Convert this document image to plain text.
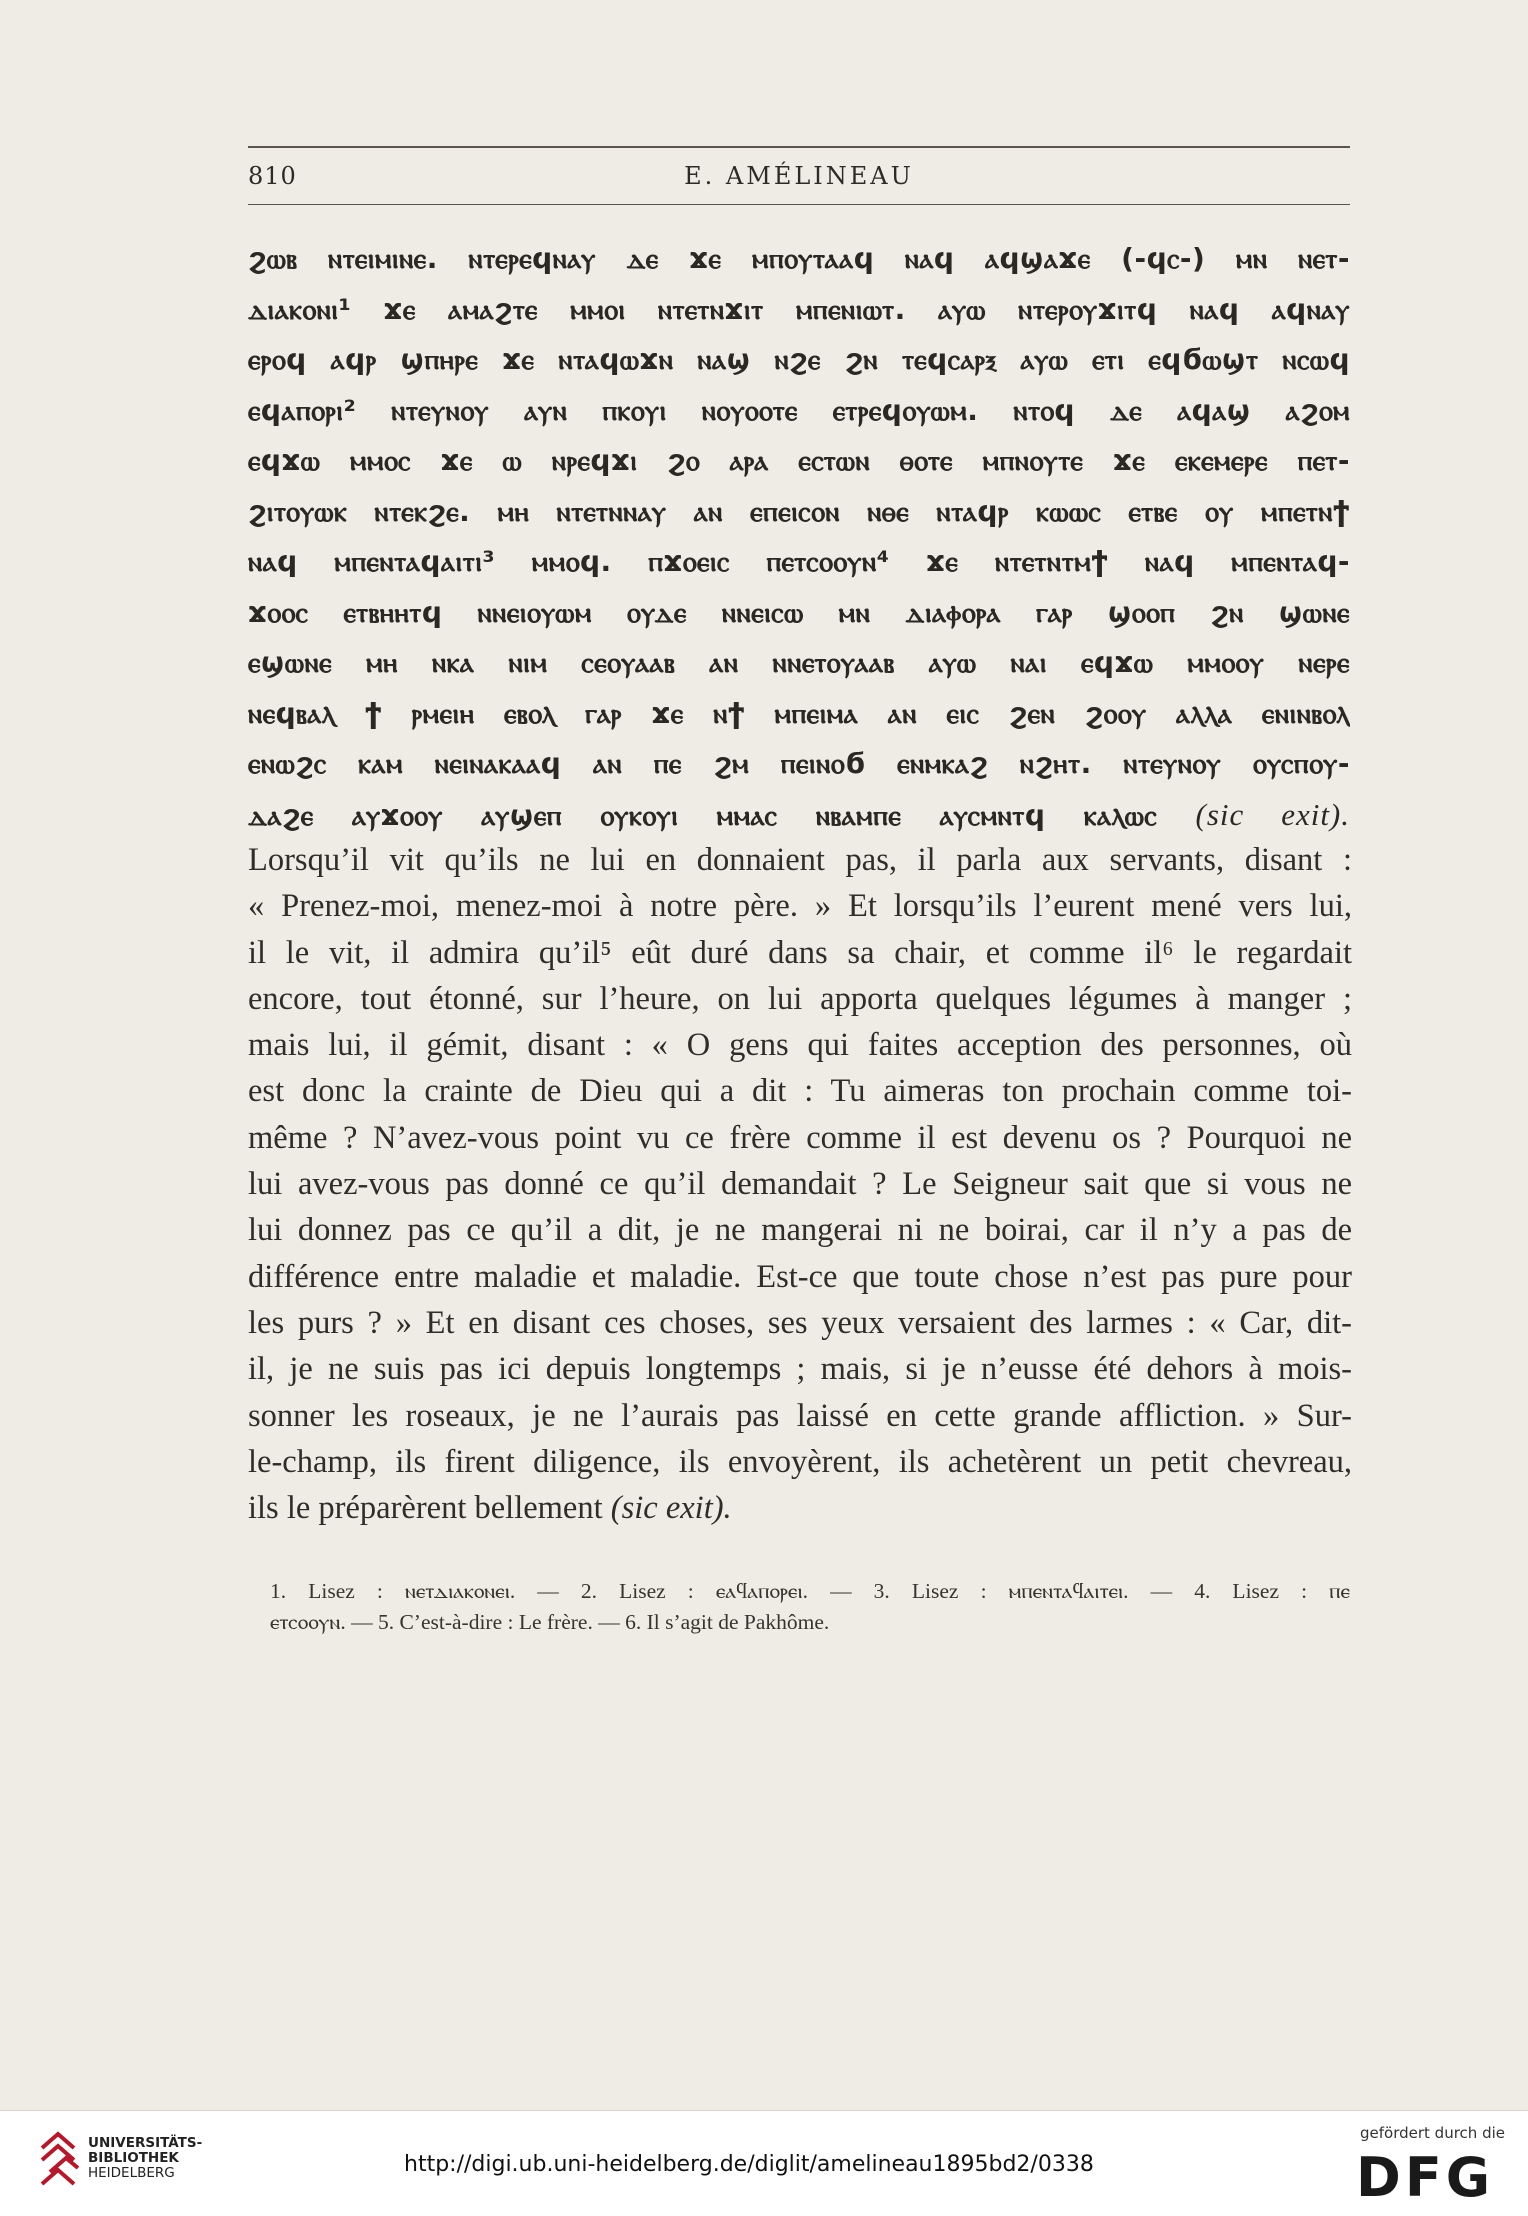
810	E. AMÉLINEAU
ϩⲱⲃ ⲛⲧⲉⲓⲙⲓⲛⲉ. ⲛⲧⲉⲣⲉϥⲛⲁⲩ ⲇⲉ ϫⲉ ⲙⲡⲟⲩⲧⲁⲁϥ ⲛⲁϥ ⲁϥϣⲁϫⲉ (-ϥⲥ-) ⲙⲛ ⲛⲉⲧ-
ⲇⲓⲁⲕⲟⲛⲓ¹ ϫⲉ ⲁⲙⲁϩⲧⲉ ⲙⲙⲟⲓ ⲛⲧⲉⲧⲛϫⲓⲧ ⲙⲡⲉⲛⲓⲱⲧ. ⲁⲩⲱ ⲛⲧⲉⲣⲟⲩϫⲓⲧϥ ⲛⲁϥ ⲁϥⲛⲁⲩ
ⲉⲣⲟϥ ⲁϥⲣ ϣⲡⲏⲣⲉ ϫⲉ ⲛⲧⲁϥⲱϫⲛ ⲛⲁϣ ⲛϩⲉ ϩⲛ ⲧⲉϥⲥⲁⲣⲝ ⲁⲩⲱ ⲉⲧⲓ ⲉϥϭⲱϣⲧ ⲛⲥⲱϥ
ⲉϥⲁⲡⲟⲣⲓ² ⲛⲧⲉⲩⲛⲟⲩ ⲁⲩⲛ ⲡⲕⲟⲩⲓ ⲛⲟⲩⲟⲟⲧⲉ ⲉⲧⲣⲉϥⲟⲩⲱⲙ. ⲛⲧⲟϥ ⲇⲉ ⲁϥⲁϣ ⲁϩⲟⲙ
ⲉϥϫⲱ ⲙⲙⲟⲥ ϫⲉ ⲱ ⲛⲣⲉϥϫⲓ ϩⲟ ⲁⲣⲁ ⲉⲥⲧⲱⲛ ⲑⲟⲧⲉ ⲙⲡⲛⲟⲩⲧⲉ ϫⲉ ⲉⲕⲉⲙⲉⲣⲉ ⲡⲉⲧ-
ϩⲓⲧⲟⲩⲱⲕ ⲛⲧⲉⲕϩⲉ. ⲙⲏ ⲛⲧⲉⲧⲛⲛⲁⲩ ⲁⲛ ⲉⲡⲉⲓⲥⲟⲛ ⲛⲑⲉ ⲛⲧⲁϥⲣ ⲕⲱⲱⲥ ⲉⲧⲃⲉ ⲟⲩ ⲙⲡⲉⲧⲛϯ
ⲛⲁϥ ⲙⲡⲉⲛⲧⲁϥⲁⲓⲧⲓ³ ⲙⲙⲟϥ. ⲡϫⲟⲉⲓⲥ ⲡⲉⲧⲥⲟⲟⲩⲛ⁴ ϫⲉ ⲛⲧⲉⲧⲛⲧⲙϯ ⲛⲁϥ ⲙⲡⲉⲛⲧⲁϥ-
ϫⲟⲟⲥ ⲉⲧⲃⲏⲏⲧϥ ⲛⲛⲉⲓⲟⲩⲱⲙ ⲟⲩⲇⲉ ⲛⲛⲉⲓⲥⲱ ⲙⲛ ⲇⲓⲁⲫⲟⲣⲁ ⲅⲁⲣ ϣⲟⲟⲡ ϩⲛ ϣⲱⲛⲉ
ⲉϣⲱⲛⲉ ⲙⲏ ⲛⲕⲁ ⲛⲓⲙ ⲥⲉⲟⲩⲁⲁⲃ ⲁⲛ ⲛⲛⲉⲧⲟⲩⲁⲁⲃ ⲁⲩⲱ ⲛⲁⲓ ⲉϥϫⲱ ⲙⲙⲟⲟⲩ ⲛⲉⲣⲉ
ⲛⲉϥⲃⲁⲗ ϯ ⲣⲙⲉⲓⲏ ⲉⲃⲟⲗ ⲅⲁⲣ ϫⲉ ⲛϯ ⲙⲡⲉⲓⲙⲁ ⲁⲛ ⲉⲓⲥ ϩⲉⲛ ϩⲟⲟⲩ ⲁⲗⲗⲁ ⲉⲛⲓⲛⲃⲟⲗ
ⲉⲛⲱϩⲥ ⲕⲁⲙ ⲛⲉⲓⲛⲁⲕⲁⲁϥ ⲁⲛ ⲡⲉ ϩⲙ ⲡⲉⲓⲛⲟϭ ⲉⲛⲙⲕⲁϩ ⲛϩⲏⲧ. ⲛⲧⲉⲩⲛⲟⲩ ⲟⲩⲥⲡⲟⲩ-
ⲇⲁϩⲉ ⲁⲩϫⲟⲟⲩ ⲁⲩϣⲉⲡ ⲟⲩⲕⲟⲩⲓ ⲙⲙⲁⲥ ⲛⲃⲁⲙⲡⲉ ⲁⲩⲥⲙⲛⲧϥ ⲕⲁⲗⲱⲥ (sic exit).
Lorsqu’il vit qu’ils ne lui en donnaient pas, il parla aux servants, disant :
« Prenez-moi, menez-moi à notre père. » Et lorsqu’ils l’eurent mené vers lui,
il le vit, il admira qu’il⁵ eût duré dans sa chair, et comme il⁶ le regardait
encore, tout étonné, sur l’heure, on lui apporta quelques légumes à manger ;
mais lui, il gémit, disant : « O gens qui faites acception des personnes, où
est donc la crainte de Dieu qui a dit : Tu aimeras ton prochain comme toi-
même ? N’avez-vous point vu ce frère comme il est devenu os ? Pourquoi ne
lui avez-vous pas donné ce qu’il demandait ? Le Seigneur sait que si vous ne
lui donnez pas ce qu’il a dit, je ne mangerai ni ne boirai, car il n’y a pas de
différence entre maladie et maladie. Est-ce que toute chose n’est pas pure pour
les purs ? » Et en disant ces choses, ses yeux versaient des larmes : « Car, dit-
il, je ne suis pas ici depuis longtemps ; mais, si je n’eusse été dehors à mois-
sonner les roseaux, je ne l’aurais pas laissé en cette grande affliction. » Sur-
le-champ, ils firent diligence, ils envoyèrent, ils achetèrent un petit chevreau,
ils le préparèrent bellement (sic exit).
1. Lisez : ⲛⲉⲧⲇⲓⲁⲕⲟⲛⲉⲓ. — 2. Lisez : ⲉⲁϥⲁⲡⲟⲣⲉⲓ. — 3. Lisez : ⲙⲡⲉⲛⲧⲁϥⲁⲓⲧⲉⲓ. — 4. Lisez : ⲡⲉ
ⲉⲧⲥⲟⲟⲩⲛ. — 5. C’est-à-dire : Le frère. — 6. Il s’agit de Pakhôme.
UNIVERSITÄTS-
BIBLIOTHEK
HEIDELBERG	http://digi.ub.uni-heidelberg.de/diglit/amelineau1895bd2/0338
gefördert durch die
DFG
